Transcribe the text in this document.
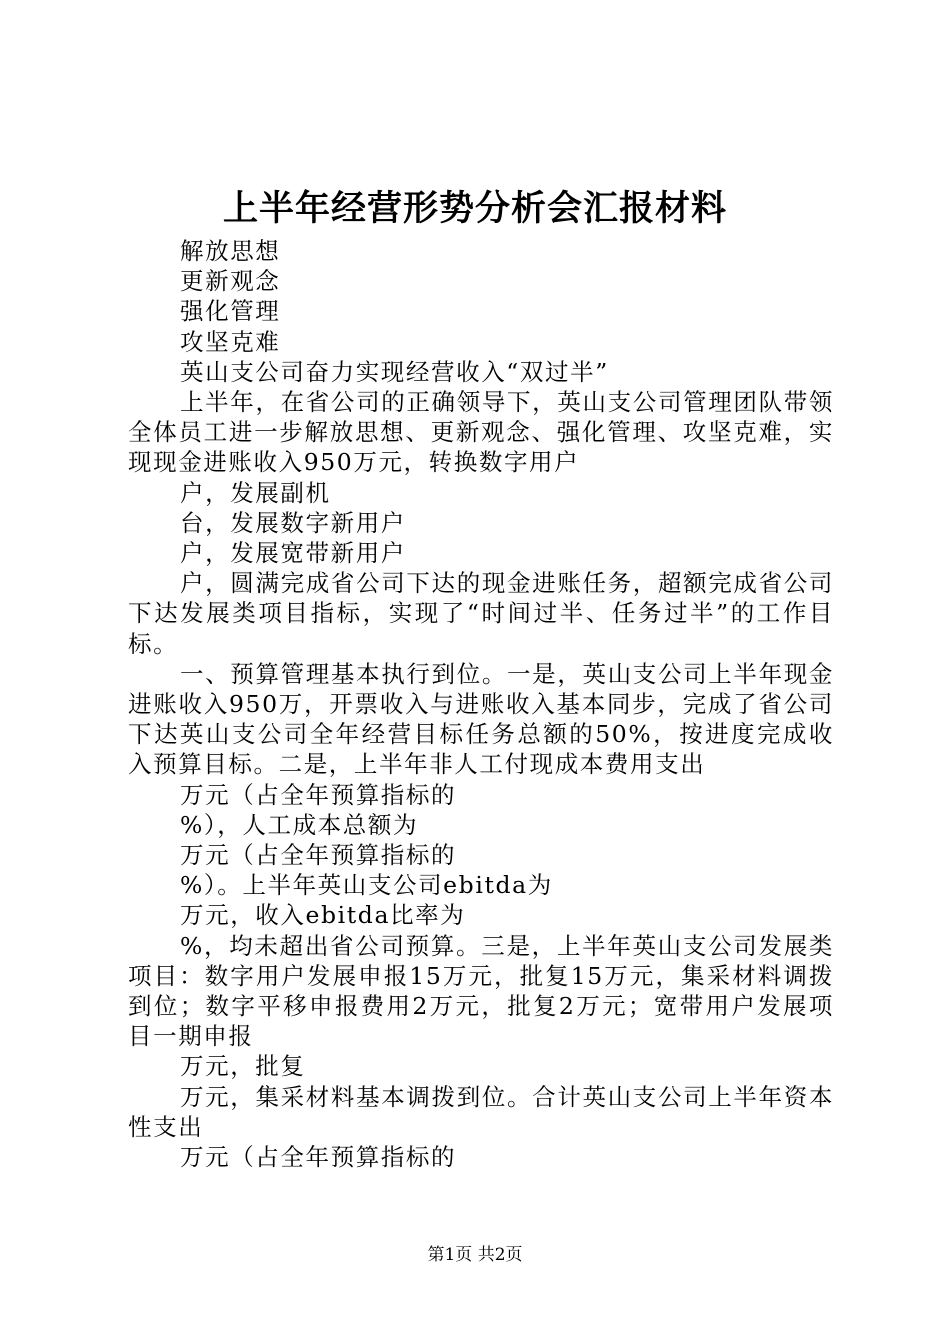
上半年经营形势分析会汇报材料

解放思想

更新观念

强化管理

攻坚克难

英山支公司奋力实现经营收入“双过半”

上半年，在省公司的正确领导下，英山支公司管理团队带领全体员工进一步解放思想、更新观念、强化管理、攻坚克难，实现现金进账收入950万元，转换数字用户

户，发展副机

台，发展数字新用户

户，发展宽带新用户

户，圆满完成省公司下达的现金进账任务，超额完成省公司下达发展类项目指标，实现了“时间过半、任务过半”的工作目标。

一、预算管理基本执行到位。一是，英山支公司上半年现金进账收入950万，开票收入与进账收入基本同步，完成了省公司下达英山支公司全年经营目标任务总额的50%，按进度完成收入预算目标。二是，上半年非人工付现成本费用支出

万元（占全年预算指标的

%），人工成本总额为

万元（占全年预算指标的

%）。上半年英山支公司ebitda为

万元，收入ebitda比率为

%，均未超出省公司预算。三是，上半年英山支公司发展类项目：数字用户发展申报15万元，批复15万元，集采材料调拨到位；数字平移申报费用2万元，批复2万元；宽带用户发展项目一期申报

万元，批复

万元，集采材料基本调拨到位。合计英山支公司上半年资本性支出

万元（占全年预算指标的

第1页 共2页
